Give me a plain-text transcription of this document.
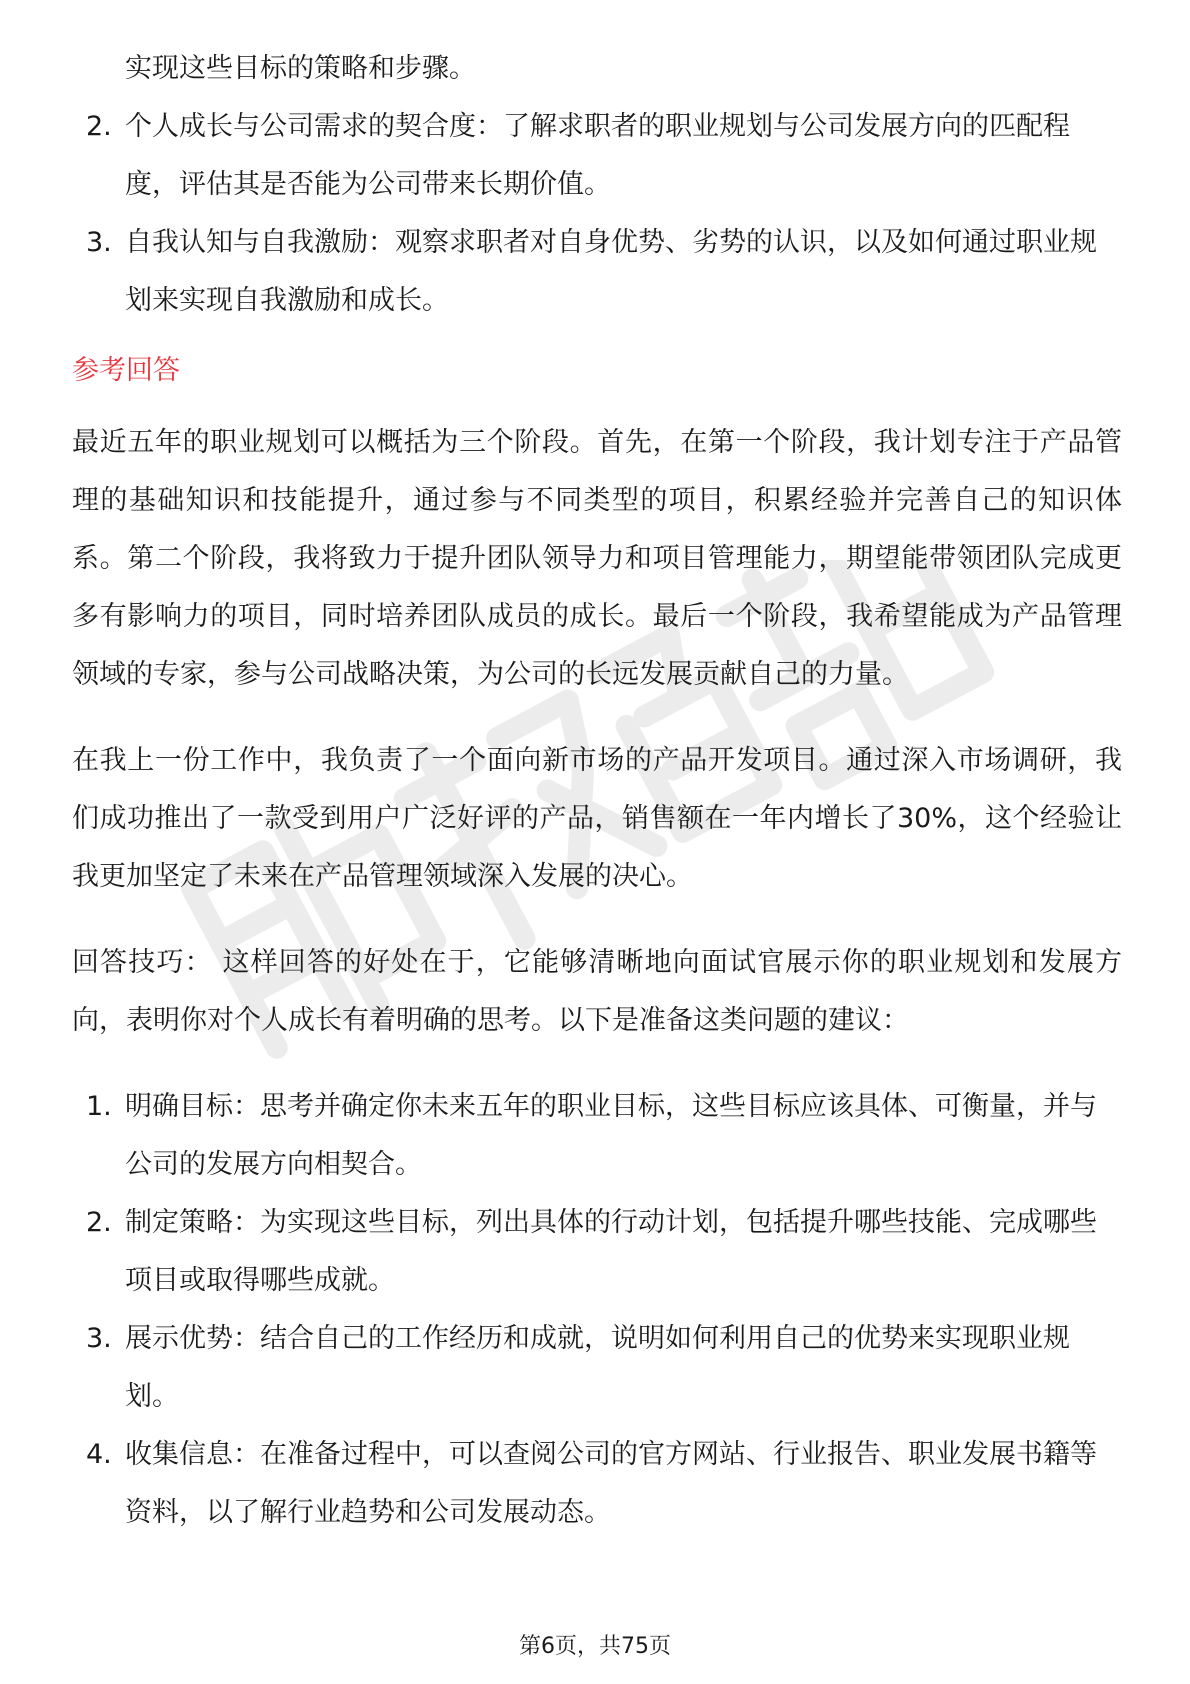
实现这些目标的策略和步骤。
2. 个人成长与公司需求的契合度：了解求职者的职业规划与公司发展方向的匹配程度，评估其是否能为公司带来长期价值。
3. 自我认知与自我激励：观察求职者对自身优势、劣势的认识，以及如何通过职业规划来实现自我激励和成长。
参考回答

最近五年的职业规划可以概括为三个阶段。首先，在第一个阶段，我计划专注于产品管理的基础知识和技能提升，通过参与不同类型的项目，积累经验并完善自己的知识体系。第二个阶段，我将致力于提升团队领导力和项目管理能力，期望能带领团队完成更多有影响力的项目，同时培养团队成员的成长。最后一个阶段，我希望能成为产品管理领域的专家，参与公司战略决策，为公司的长远发展贡献自己的力量。

在我上一份工作中，我负责了一个面向新市场的产品开发项目。通过深入市场调研，我们成功推出了一款受到用户广泛好评的产品，销售额在一年内增长了30%，这个经验让我更加坚定了未来在产品管理领域深入发展的决心。

回答技巧： 这样回答的好处在于，它能够清晰地向面试官展示你的职业规划和发展方向，表明你对个人成长有着明确的思考。以下是准备这类问题的建议：

1. 明确目标：思考并确定你未来五年的职业目标，这些目标应该具体、可衡量，并与公司的发展方向相契合。
2. 制定策略：为实现这些目标，列出具体的行动计划，包括提升哪些技能、完成哪些项目或取得哪些成就。
3. 展示优势：结合自己的工作经历和成就，说明如何利用自己的优势来实现职业规划。
4. 收集信息：在准备过程中，可以查阅公司的官方网站、行业报告、职业发展书籍等资料，以了解行业趋势和公司发展动态。
第6页，共75页
